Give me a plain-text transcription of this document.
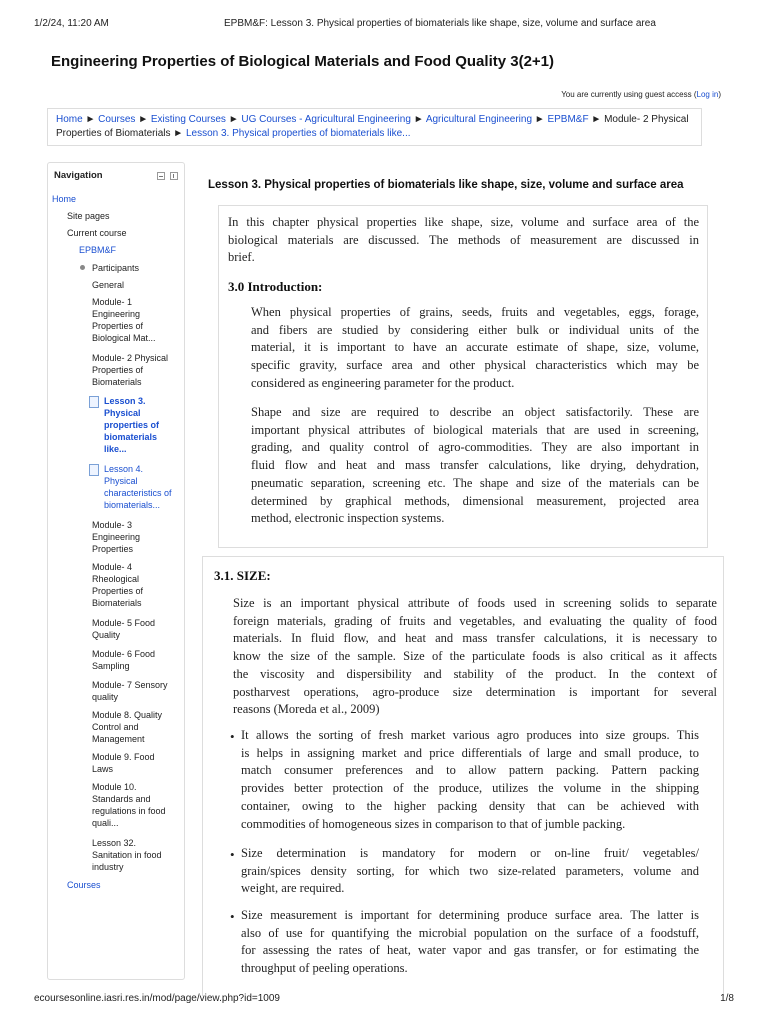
1/2/24, 11:20 AM	EPBM&F: Lesson 3. Physical properties of biomaterials like shape, size, volume and surface area
Engineering Properties of Biological Materials and Food Quality 3(2+1)
You are currently using guest access (Log in)
Home ► Courses ► Existing Courses ► UG Courses - Agricultural Engineering ► Agricultural Engineering ► EPBM&F ► Module- 2 Physical Properties of Biomaterials ► Lesson 3. Physical properties of biomaterials like...
Navigation
Home
Site pages
Current course
EPBM&F
Participants
General
Module- 1
Engineering
Properties of
Biological Mat...
Module- 2 Physical
Properties of
Biomaterials
Lesson 3.
Physical
properties of
biomaterials
like...
Lesson 4.
Physical
characteristics of
biomaterials...
Module- 3
Engineering
Properties
Module- 4
Rheological
Properties of
Biomaterials
Module- 5 Food
Quality
Module- 6 Food
Sampling
Module- 7 Sensory
quality
Module 8. Quality
Control and
Management
Module 9. Food
Laws
Module 10.
Standards and
regulations in food
quali...
Lesson 32.
Sanitation in food
industry
Courses
Lesson 3. Physical properties of biomaterials like shape, size, volume and surface area
In this chapter physical properties like shape, size, volume and surface area of the
biological materials are discussed. The methods of measurement are discussed in
brief.
3.0 Introduction:
When physical properties of grains, seeds, fruits and vegetables, eggs, forage,
and fibers are studied by considering either bulk or individual units of the
material, it is important to have an accurate estimate of shape, size, volume,
specific gravity, surface area and other physical characteristics which may be
considered as engineering parameter for the product.
Shape and size are required to describe an object satisfactorily. These are
important physical attributes of biological materials that are used in screening,
grading, and quality control of agro-commodities. They are also important in
fluid flow and heat and mass transfer calculations, like drying, dehydration,
pneumatic separation, screening etc. The shape and size of the materials can be
determined by graphical methods, dimensional measurement, projected area
method, electronic inspection systems.
3.1. SIZE:
Size is an important physical attribute of foods used in screening solids to separate
foreign materials, grading of fruits and vegetables, and evaluating the quality of food
materials. In fluid flow, and heat and mass transfer calculations, it is necessary to
know the size of the sample. Size of the particulate foods is also critical as it affects
the viscosity and dispersibility and stability of the product. In the context of
postharvest operations, agro-produce size determination is important for several
reasons (Moreda et al., 2009)
• It allows the sorting of fresh market various agro produces into size groups. This
is helps in assigning market and price differentials of large and small produce, to
match consumer preferences and to allow pattern packing. Pattern packing
provides better protection of the produce, utilizes the volume in the shipping
container, owing to the higher packing density that can be achieved with
commodities of homogeneous sizes in comparison to that of jumble packing.
• Size determination is mandatory for modern or on-line fruit/ vegetables/
grain/spices density sorting, for which two size-related parameters, volume and
weight, are required.
• Size measurement is important for determining produce surface area. The latter is
also of use for quantifying the microbial population on the surface of a foodstuff,
for assessing the rates of heat, water vapor and gas transfer, or for estimating the
throughput of peeling operations.
ecoursesonline.iasri.res.in/mod/page/view.php?id=1009	1/8
